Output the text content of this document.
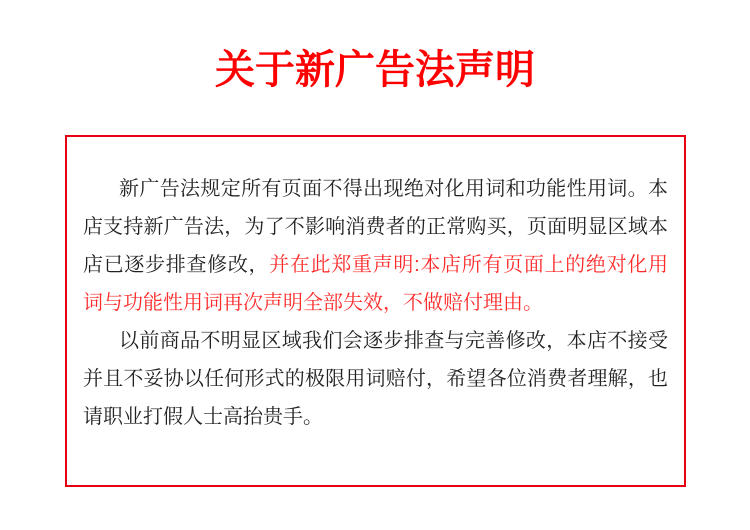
关于新广告法声明

新广告法规定所有页面不得出现绝对化用词和功能性用词。本店支持新广告法，为了不影响消费者的正常购买，页面明显区域本店已逐步排查修改，并在此郑重声明:本店所有页面上的绝对化用词与功能性用词再次声明全部失效，不做赔付理由。

以前商品不明显区域我们会逐步排查与完善修改，本店不接受并且不妥协以任何形式的极限用词赔付，希望各位消费者理解，也请职业打假人士高抬贵手。
